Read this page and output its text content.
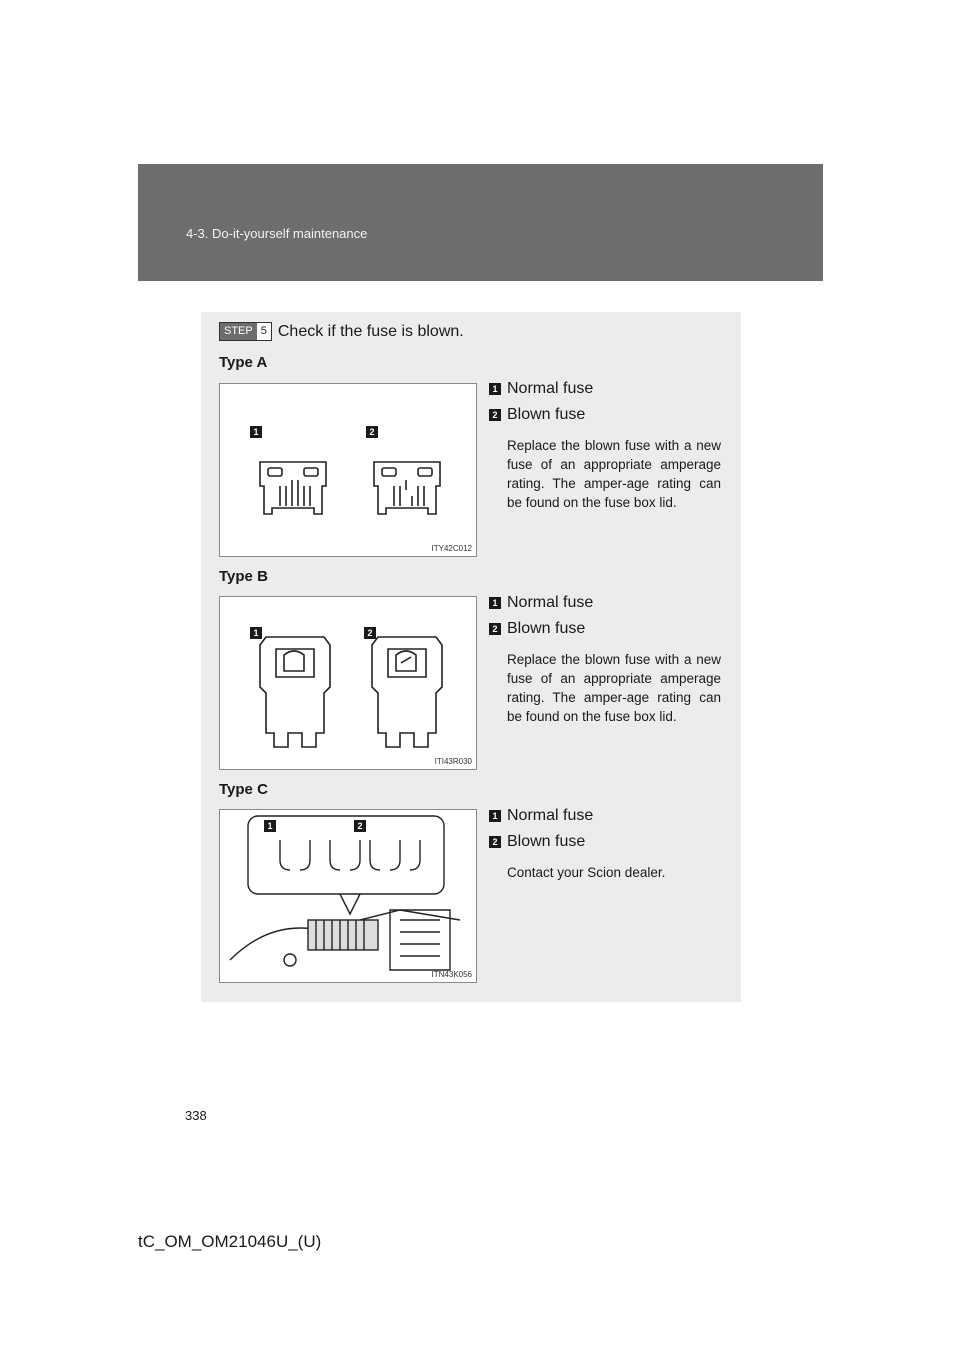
4-3. Do-it-yourself maintenance
STEP 5 Check if the fuse is blown.
Type A
1	2
ITY42C012
1 Normal fuse
2 Blown fuse

Replace the blown fuse with a new fuse of an appropriate amperage rating. The amper-age rating can be found on the fuse box lid.

Type B
1	2
ITI43R030
1 Normal fuse
2 Blown fuse

Replace the blown fuse with a new fuse of an appropriate amperage rating. The amper-age rating can be found on the fuse box lid.

Type C
1	2
ITN43K056
1 Normal fuse
2 Blown fuse

Contact your Scion dealer.

338
tC_OM_OM21046U_(U)
